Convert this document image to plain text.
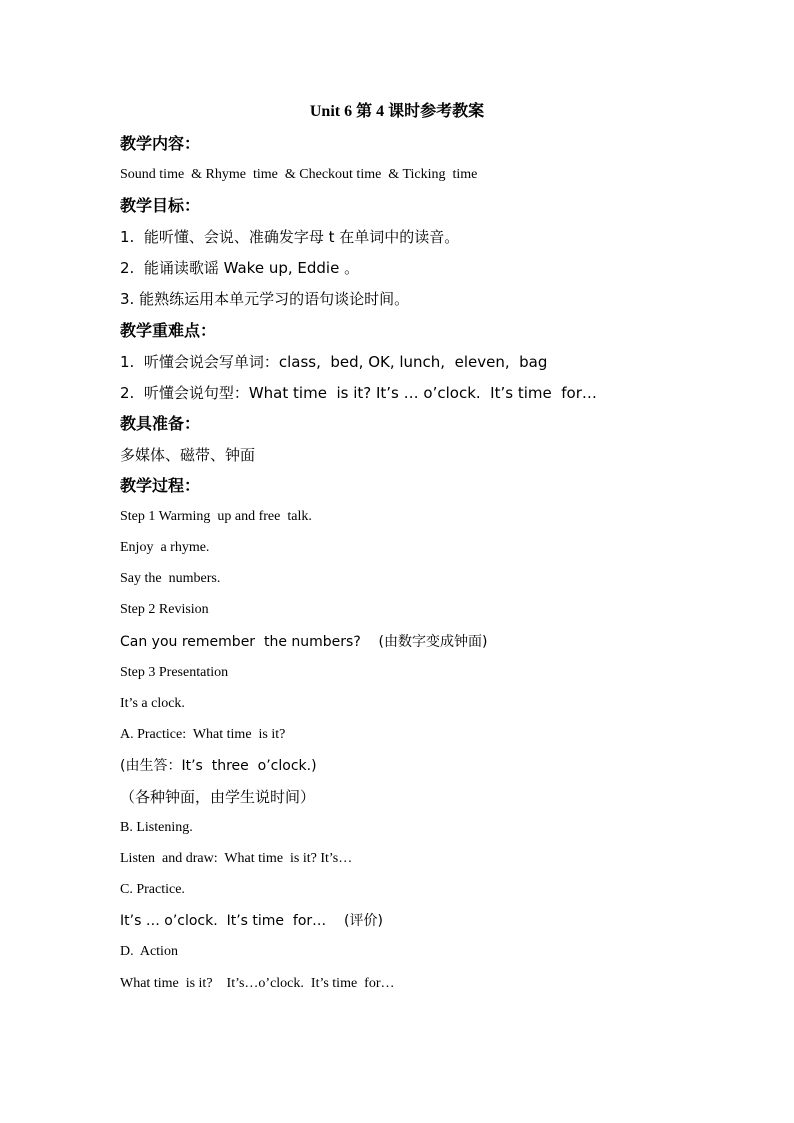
Unit 6 第 4 课时参考教案
教学内容：
Sound time  & Rhyme  time  & Checkout time  & Ticking  time
教学目标：
1.  能听懂、会说、准确发字母 t 在单词中的读音。
2.  能诵读歌谣 Wake up, Eddie 。
3. 能熟练运用本单元学习的语句谈论时间。
教学重难点：
1.  听懂会说会写单词：class,  bed, OK, lunch,  eleven,  bag
2.  听懂会说句型：What time  is it? It’s … o’clock.  It’s time  for…
教具准备：
多媒体、磁带、钟面
教学过程：
Step 1 Warming  up and free  talk.
Enjoy  a rhyme.
Say the  numbers.
Step 2 Revision
Can you remember  the numbers?    (由数字变成钟面)
Step 3 Presentation
It’s a clock.
A. Practice:  What time  is it?
(由生答：It’s  three  o’clock.)
（各种钟面，由学生说时间）
B. Listening.
Listen  and draw:  What time  is it? It’s…
C. Practice.
It’s … o’clock.  It’s time  for…    (评价)
D.  Action
What time  is it?    It’s…o’clock.  It’s time  for…
